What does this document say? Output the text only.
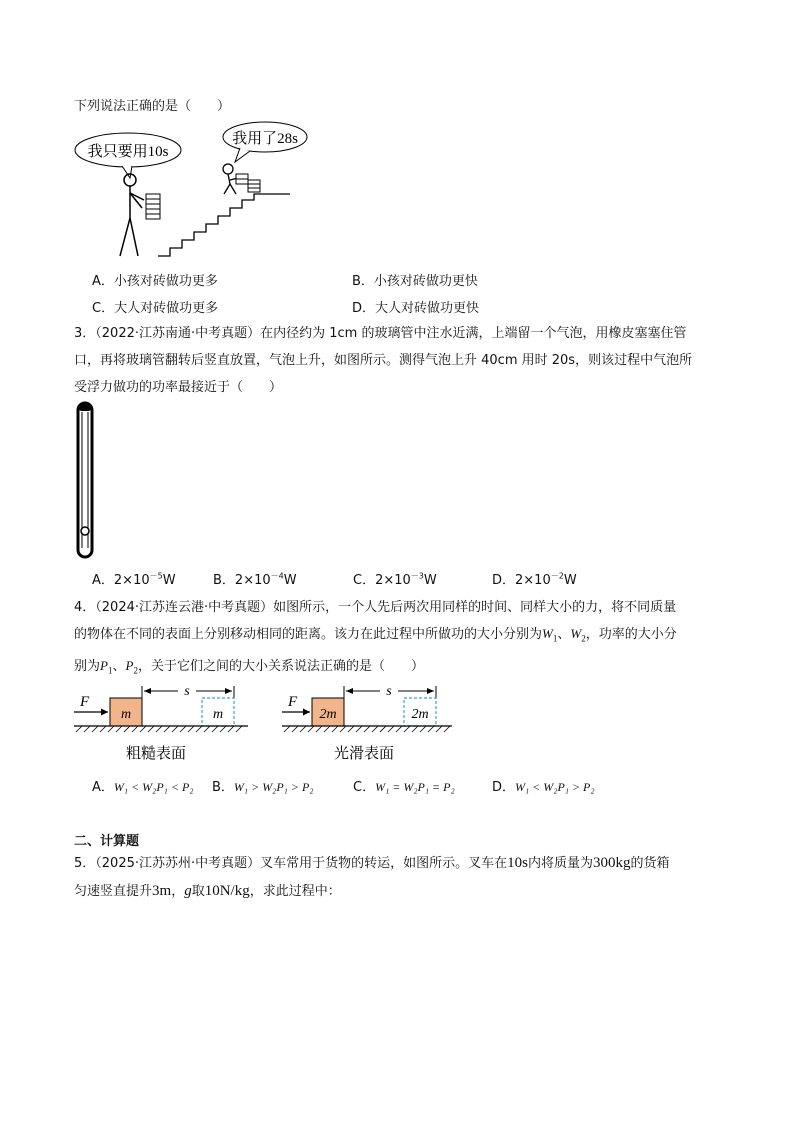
下列说法正确的是（　　）
我只要用10s
我用了28s
A．小孩对砖做功更多	B．小孩对砖做功更快
C．大人对砖做功更多	D．大人对砖做功更快
3．（2022·江苏南通·中考真题）在内径约为 1cm 的玻璃管中注水近满，上端留一个气泡，用橡皮塞塞住管
口，再将玻璃管翻转后竖直放置，气泡上升，如图所示。测得气泡上升 40cm 用时 20s，则该过程中气泡所
受浮力做功的功率最接近于（　　）
A．$2\times 10^{-5}W$	B．$2\times 10^{-4}W$	C．$2\times 10^{-3}W$	D．$2\times 10^{-2}W$
4．（2024·江苏连云港·中考真题）如图所示，一个人先后两次用同样的时间、同样大小的力，将不同质量
的物体在不同的表面上分别移动相同的距离。该力在此过程中所做功的大小分别为$W_1$、$W_2$，功率的大小分
别为$P_1$、$P_2$，关于它们之间的大小关系说法正确的是（　　）
F
m
s
m
粗糙表面
F
2m
s
2m
光滑表面
A．W₁ < W₂P₁ < P₂ B．W₁ > W₂P₁ > P₂	C．W₁ = W₂P₁ = P₂	D．W₁ < W₂P₁ > P₂
二、计算题
5．（2025·江苏苏州·中考真题）叉车常用于货物的转运，如图所示。叉车在10s内将质量为300kg的货箱
匀速竖直提升3m，g取10N/kg，求此过程中：
